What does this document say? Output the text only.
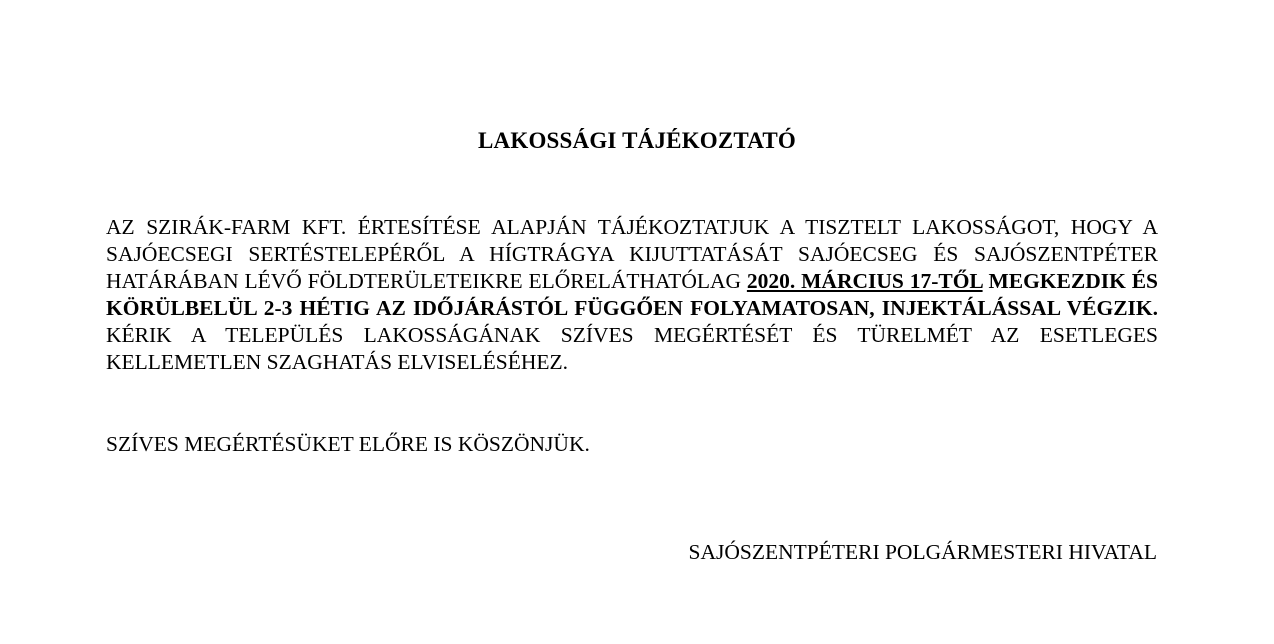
LAKOSSÁGI TÁJÉKOZTATÓ
AZ SZIRÁK-FARM KFT. ÉRTESÍTÉSE ALAPJÁN TÁJÉKOZTATJUK A TISZTELT LAKOSSÁGOT, HOGY A SAJÓECSEGI SERTÉSTELEPÉRŐL A HÍGTRÁGYA KIJUTTATÁSÁT SAJÓECSEG ÉS SAJÓSZENTPÉTER HATÁRÁBAN LÉVŐ FÖLDTERÜLETEIKRE ELŐRELÁTHATÓLAG 2020. MÁRCIUS 17-TŐL MEGKEZDIK ÉS KÖRÜLBELÜL 2-3 HÉTIG AZ IDŐJÁRÁSTÓL FÜGGŐEN FOLYAMATOSAN, INJEKTÁLÁSSAL VÉGZIK. KÉRIK A TELEPÜLÉS LAKOSSÁGÁNAK SZÍVES MEGÉRTÉSÉT ÉS TÜRELMÉT AZ ESETLEGES KELLEMETLEN SZAGHATÁS ELVISELÉSÉHEZ.
SZÍVES MEGÉRTÉSÜKET ELŐRE IS KÖSZÖNJÜK.
SAJÓSZENTPÉTERI POLGÁRMESTERI HIVATAL
